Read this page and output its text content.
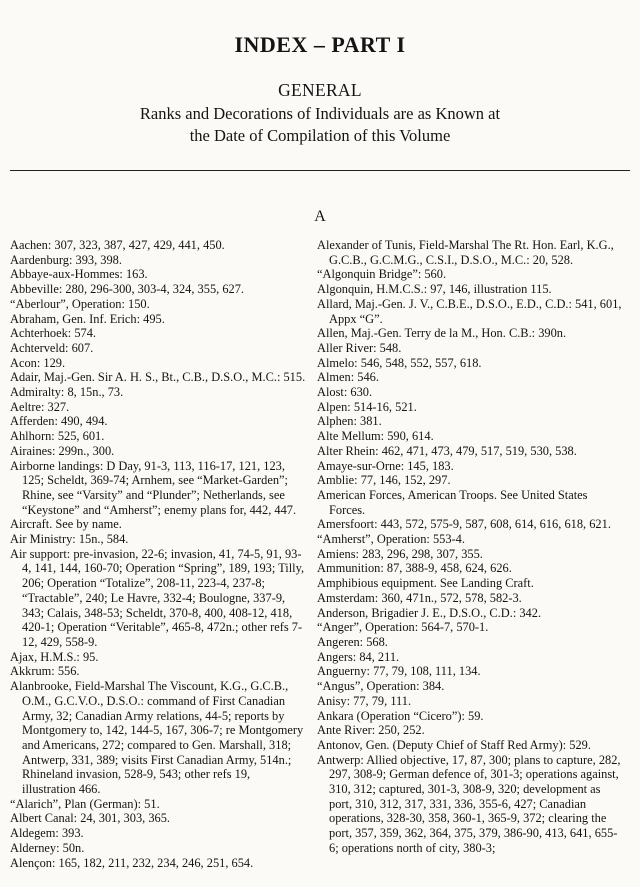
INDEX – PART I
GENERAL
Ranks and Decorations of Individuals are as Known at
the Date of Compilation of this Volume
A

Aachen: 307, 323, 387, 427, 429, 441, 450.

Aardenburg: 393, 398.

Abbaye-aux-Hommes: 163.

Abbeville: 280, 296-300, 303-4, 324, 355, 627.

“Aberlour”, Operation: 150.

Abraham, Gen. Inf. Erich: 495.

Achterhoek: 574.

Achterveld: 607.

Acon: 129.

Adair, Maj.-Gen. Sir A. H. S., Bt., C.B., D.S.O., M.C.: 515.

Admiralty: 8, 15n., 73.

Aeltre: 327.

Afferden: 490, 494.

Ahlhorn: 525, 601.

Airaines: 299n., 300.

Airborne landings: D Day, 91-3, 113, 116-17, 121, 123, 125; Scheldt, 369-74; Arnhem, see “Market-Garden”; Rhine, see “Varsity” and “Plunder”; Netherlands, see “Keystone” and “Amherst”; enemy plans for, 442, 447.

Aircraft. See by name.

Air Ministry: 15n., 584.

Air support: pre-invasion, 22-6; invasion, 41, 74-5, 91, 93-4, 141, 144, 160-70; Operation “Spring”, 189, 193; Tilly, 206; Operation “Totalize”, 208-11, 223-4, 237-8; “Tractable”, 240; Le Havre, 332-4; Boulogne, 337-9, 343; Calais, 348-53; Scheldt, 370-8, 400, 408-12, 418, 420-1; Operation “Veritable”, 465-8, 472n.; other refs 7-12, 429, 558-9.

Ajax, H.M.S.: 95.

Akkrum: 556.

Alanbrooke, Field-Marshal The Viscount, K.G., G.C.B., O.M., G.C.V.O., D.S.O.: command of First Canadian Army, 32; Canadian Army relations, 44-5; reports by Montgomery to, 142, 144-5, 167, 306-7; re Montgomery and Americans, 272; compared to Gen. Marshall, 318; Antwerp, 331, 389; visits First Canadian Army, 514n.; Rhineland invasion, 528-9, 543; other refs 19, illustration 466.

“Alarich”, Plan (German): 51.

Albert Canal: 24, 301, 303, 365.

Aldegem: 393.

Alderney: 50n.

Alençon: 165, 182, 211, 232, 234, 246, 251, 654.

Alexander of Tunis, Field-Marshal The Rt. Hon. Earl, K.G., G.C.B., G.C.M.G., C.S.I., D.S.O., M.C.: 20, 528.

“Algonquin Bridge”: 560.

Algonquin, H.M.C.S.: 97, 146, illustration 115.

Allard, Maj.-Gen. J. V., C.B.E., D.S.O., E.D., C.D.: 541, 601, Appx “G”.

Allen, Maj.-Gen. Terry de la M., Hon. C.B.: 390n.

Aller River: 548.

Almelo: 546, 548, 552, 557, 618.

Almen: 546.

Alost: 630.

Alpen: 514-16, 521.

Alphen: 381.

Alte Mellum: 590, 614.

Alter Rhein: 462, 471, 473, 479, 517, 519, 530, 538.

Amaye-sur-Orne: 145, 183.

Amblie: 77, 146, 152, 297.

American Forces, American Troops. See United States Forces.

Amersfoort: 443, 572, 575-9, 587, 608, 614, 616, 618, 621.

“Amherst”, Operation: 553-4.

Amiens: 283, 296, 298, 307, 355.

Ammunition: 87, 388-9, 458, 624, 626.

Amphibious equipment. See Landing Craft.

Amsterdam: 360, 471n., 572, 578, 582-3.

Anderson, Brigadier J. E., D.S.O., C.D.: 342.

“Anger”, Operation: 564-7, 570-1.

Angeren: 568.

Angers: 84, 211.

Anguerny: 77, 79, 108, 111, 134.

“Angus”, Operation: 384.

Anisy: 77, 79, 111.

Ankara (Operation “Cicero”): 59.

Ante River: 250, 252.

Antonov, Gen. (Deputy Chief of Staff Red Army): 529.

Antwerp: Allied objective, 17, 87, 300; plans to capture, 282, 297, 308-9; German defence of, 301-3; operations against, 310, 312; captured, 301-3, 308-9, 320; development as port, 310, 312, 317, 331, 336, 355-6, 427; Canadian operations, 328-30, 358, 360-1, 365-9, 372; clearing the port, 357, 359, 362, 364, 375, 379, 386-90, 413, 641, 655-6; operations north of city, 380-3;
